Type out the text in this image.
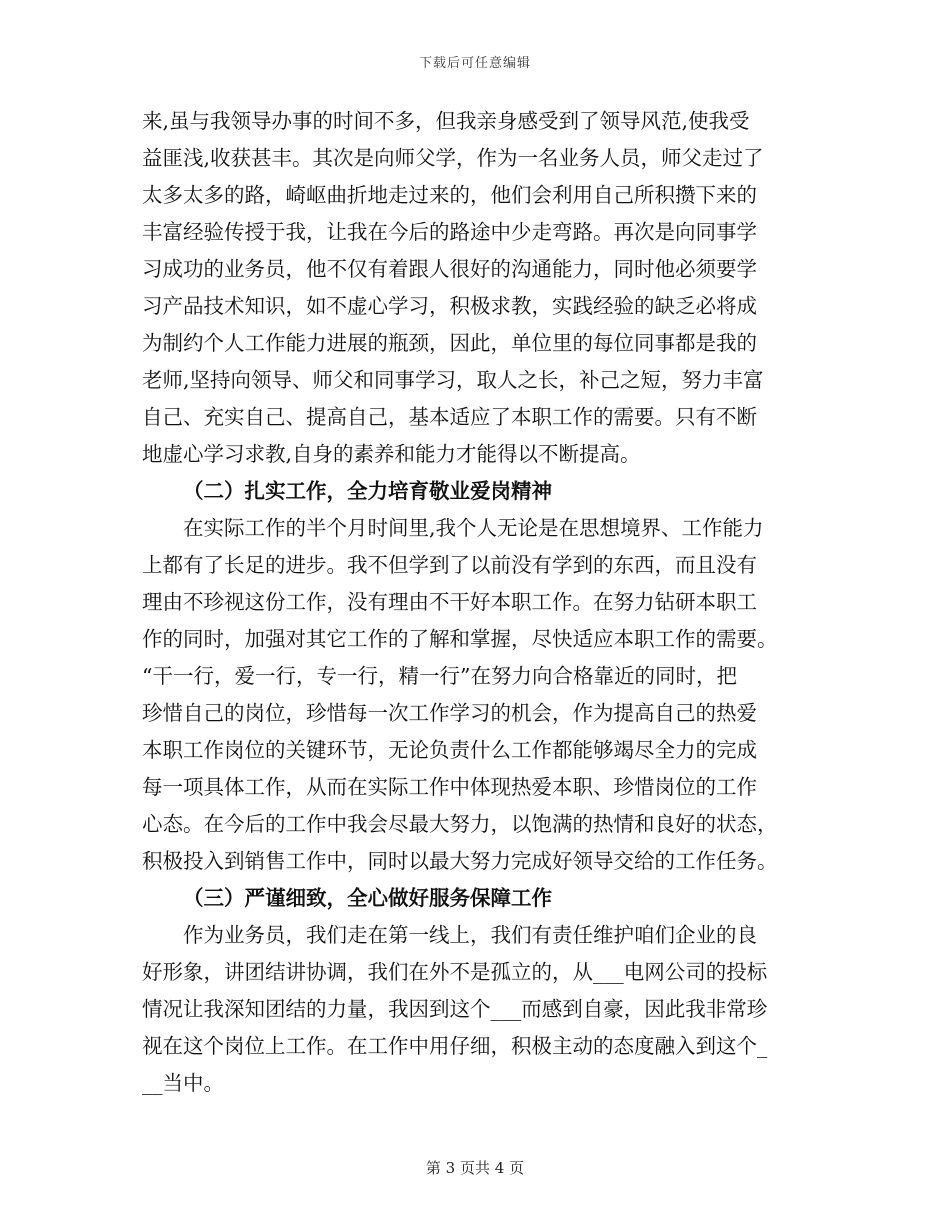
下载后可任意编辑
来,虽与我领导办事的时间不多，但我亲身感受到了领导风范,使我受
益匪浅,收获甚丰。其次是向师父学，作为一名业务人员，师父走过了
太多太多的路，崎岖曲折地走过来的，他们会利用自己所积攒下来的
丰富经验传授于我，让我在今后的路途中少走弯路。再次是向同事学
习成功的业务员，他不仅有着跟人很好的沟通能力，同时他必须要学
习产品技术知识，如不虚心学习，积极求教，实践经验的缺乏必将成
为制约个人工作能力进展的瓶颈，因此，单位里的每位同事都是我的
老师,坚持向领导、师父和同事学习，取人之长，补己之短，努力丰富
自己、充实自己、提高自己，基本适应了本职工作的需要。只有不断
地虚心学习求教,自身的素养和能力才能得以不断提高。
（二）扎实工作，全力培育敬业爱岗精神
在实际工作的半个月时间里,我个人无论是在思想境界、工作能力
上都有了长足的进步。我不但学到了以前没有学到的东西，而且没有
理由不珍视这份工作，没有理由不干好本职工作。在努力钻研本职工
作的同时，加强对其它工作的了解和掌握，尽快适应本职工作的需要。
“干一行，爱一行，专一行，精一行”在努力向合格靠近的同时，把
珍惜自己的岗位，珍惜每一次工作学习的机会，作为提高自己的热爱
本职工作岗位的关键环节，无论负责什么工作都能够竭尽全力的完成
每一项具体工作，从而在实际工作中体现热爱本职、珍惜岗位的工作
心态。在今后的工作中我会尽最大努力，以饱满的热情和良好的状态，
积极投入到销售工作中，同时以最大努力完成好领导交给的工作任务。
（三）严谨细致，全心做好服务保障工作
作为业务员，我们走在第一线上，我们有责任维护咱们企业的良
好形象，讲团结讲协调，我们在外不是孤立的，从___电网公司的投标
情况让我深知团结的力量，我因到这个___而感到自豪，因此我非常珍
视在这个岗位上工作。在工作中用仔细，积极主动的态度融入到这个_
__当中。
第 3 页共 4 页
